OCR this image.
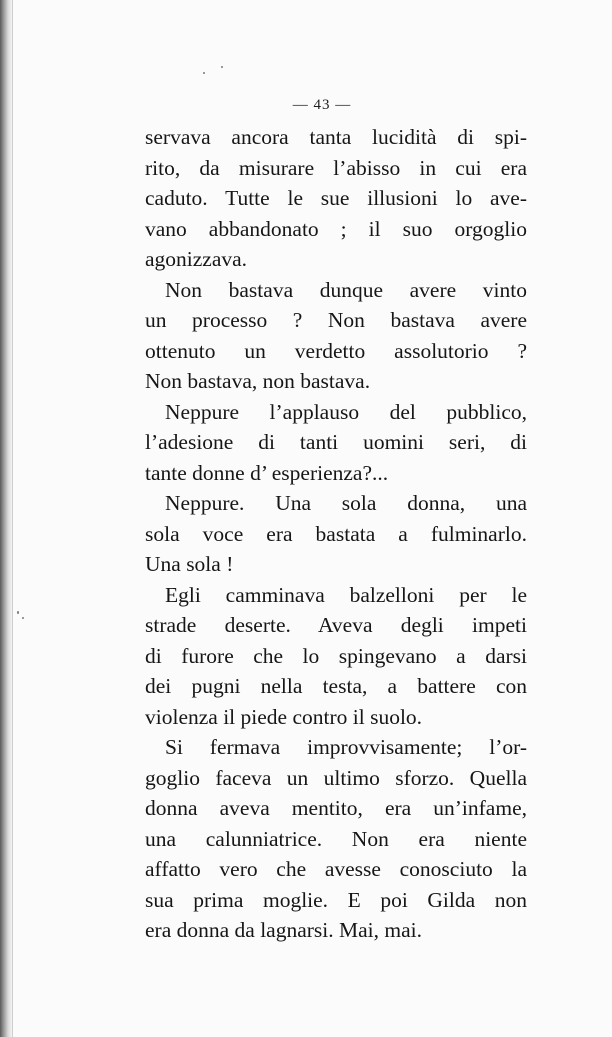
— 43 —

servava ancora tanta lucidità di spi-
rito, da misurare l’abisso in cui era
caduto. Tutte le sue illusioni lo ave-
vano abbandonato ; il suo orgoglio
agonizzava.
Non bastava dunque avere vinto
un processo ? Non bastava avere
ottenuto un verdetto assolutorio ?
Non bastava, non bastava.
Neppure l’applauso del pubblico,
l’adesione di tanti uomini seri, di
tante donne d’ esperienza?...
Neppure. Una sola donna, una
sola voce era bastata a fulminarlo.
Una sola !
Egli camminava balzelloni per le
strade deserte. Aveva degli impeti
di furore che lo spingevano a darsi
dei pugni nella testa, a battere con
violenza il piede contro il suolo.
Si fermava improvvisamente; l’or-
goglio faceva un ultimo sforzo. Quella
donna aveva mentito, era un’infame,
una calunniatrice. Non era niente
affatto vero che avesse conosciuto la
sua prima moglie. E poi Gilda non
era donna da lagnarsi. Mai, mai.
